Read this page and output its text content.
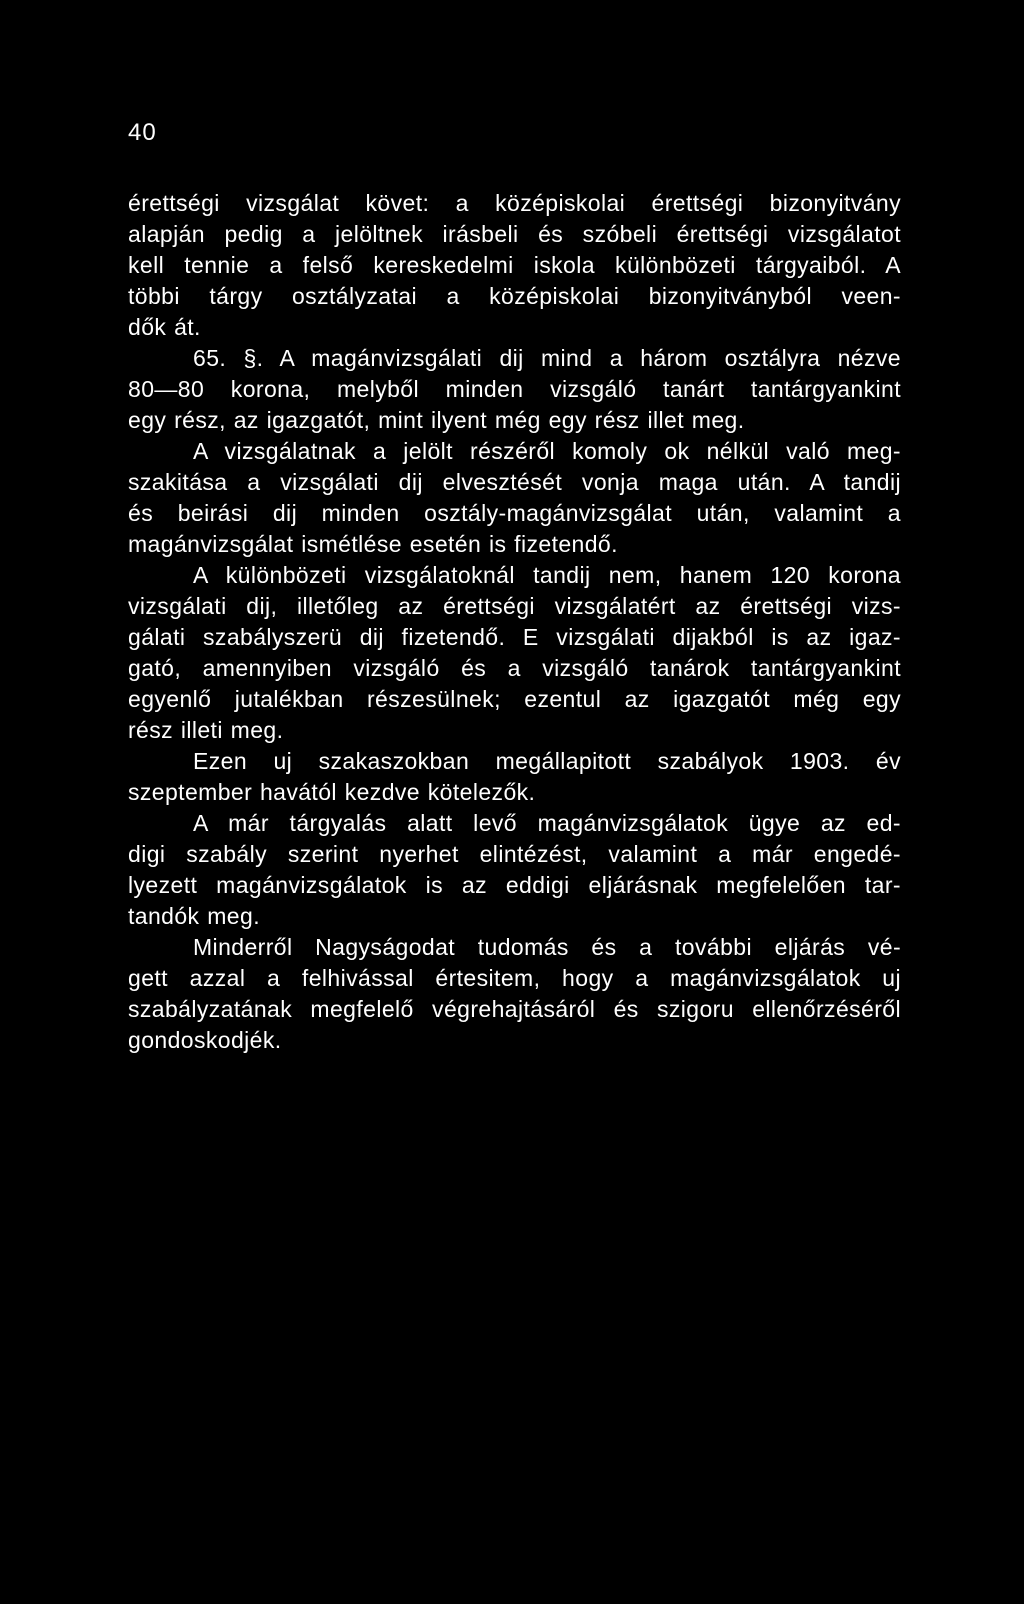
40
érettségi vizsgálat követ: a középiskolai érettségi bizonyitvány
alapján pedig a jelöltnek irásbeli és szóbeli érettségi vizsgálatot
kell tennie a felső kereskedelmi iskola különbözeti tárgyaiból. A
többi tárgy osztályzatai a középiskolai bizonyitványból veen-
dők át.
65. §. A magánvizsgálati dij mind a három osztályra nézve
80—80 korona, melyből minden vizsgáló tanárt tantárgyankint
egy rész, az igazgatót, mint ilyent még egy rész illet meg.
A vizsgálatnak a jelölt részéről komoly ok nélkül való meg-
szakitása a vizsgálati dij elvesztését vonja maga után. A tandij
és beirási dij minden osztály-magánvizsgálat után, valamint a
magánvizsgálat ismétlése esetén is fizetendő.
A különbözeti vizsgálatoknál tandij nem, hanem 120 korona
vizsgálati dij, illetőleg az érettségi vizsgálatért az érettségi vizs-
gálati szabályszerü dij fizetendő. E vizsgálati dijakból is az igaz-
gató, amennyiben vizsgáló és a vizsgáló tanárok tantárgyankint
egyenlő jutalékban részesülnek; ezentul az igazgatót még egy
rész illeti meg.
Ezen uj szakaszokban megállapitott szabályok 1903. év
szeptember havától kezdve kötelezők.
A már tárgyalás alatt levő magánvizsgálatok ügye az ed-
digi szabály szerint nyerhet elintézést, valamint a már engedé-
lyezett magánvizsgálatok is az eddigi eljárásnak megfelelően tar-
tandók meg.
Minderről Nagyságodat tudomás és a további eljárás vé-
gett azzal a felhivással értesitem, hogy a magánvizsgálatok uj
szabályzatának megfelelő végrehajtásáról és szigoru ellenőrzéséről
gondoskodjék.
